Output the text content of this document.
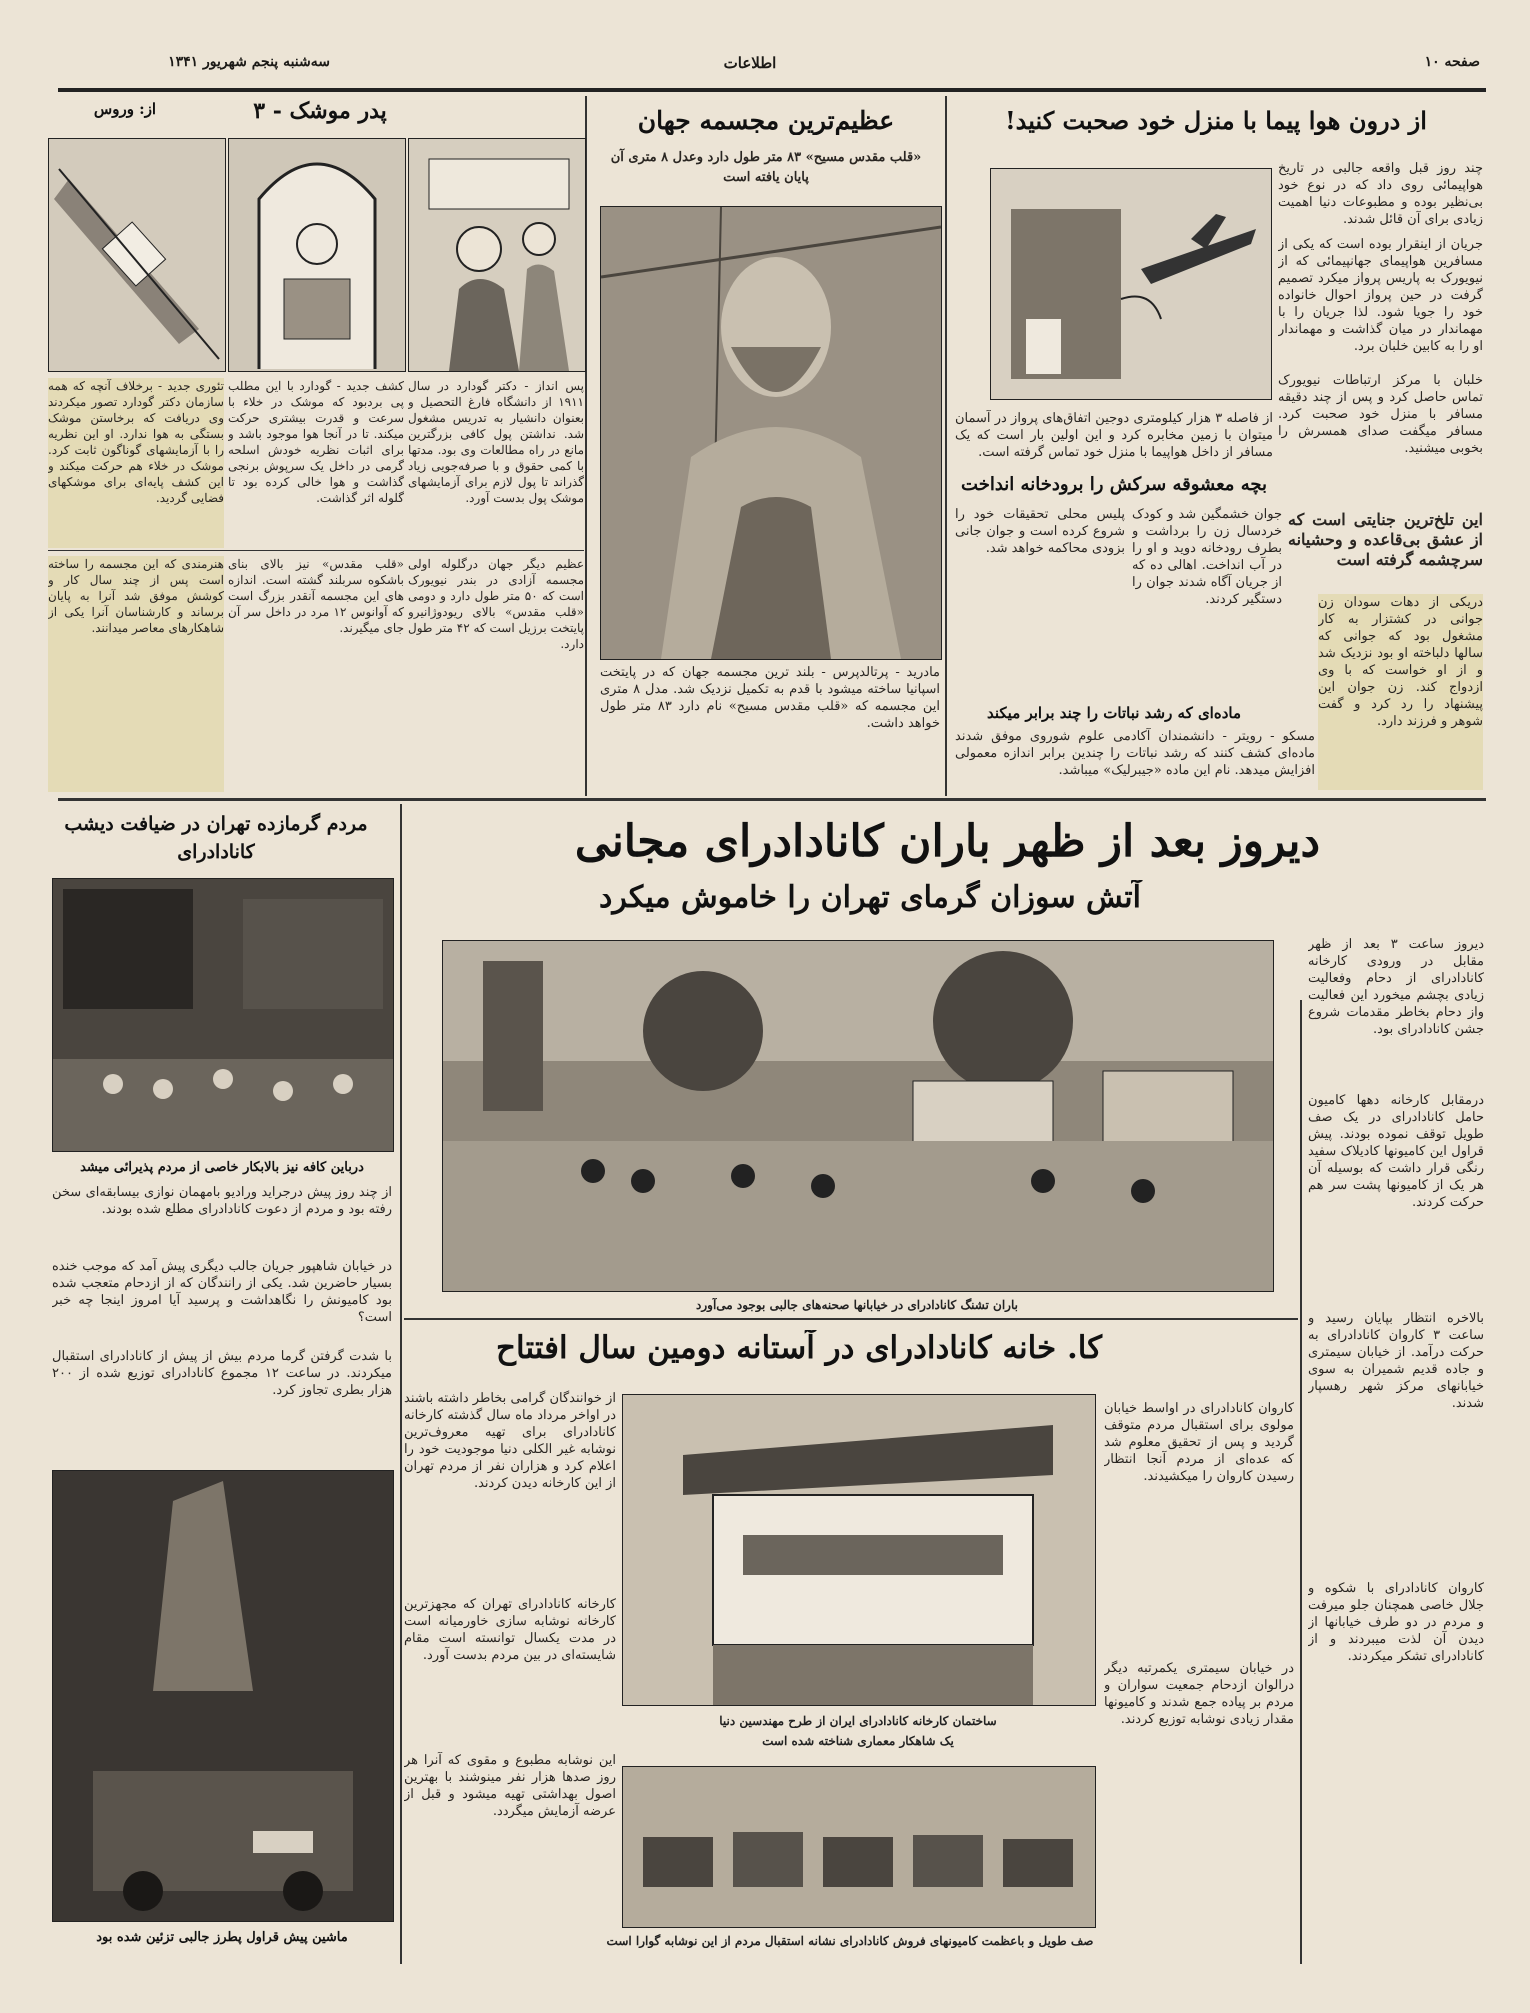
سه‌شنبه پنجم شهریور ۱۳۴۱	اطلاعات	صفحه ۱۰
پدر موشک - ۳
از: وروس
کشف جدید - گودارد با این مطلب پی بردبود که موشک در خلاء با سرعت و قدرت بیشتری حرکت میکند. تا در آنجا هوا موجود باشد و برای اثبات نظریه خودش اسلحه گرمی در داخل یک سرپوش برنجی گذاشت و هوا خالی کرده بود تا گلوله اثر گذاشت.
پس انداز - دکتر گودارد در سال ۱۹۱۱ از دانشگاه فارغ التحصیل و بعنوان دانشیار به تدریس مشغول شد. نداشتن پول کافی بزرگترین مانع در راه مطالعات وی بود. مدتها با کمی حقوق و با صرفه‌جویی زیاد گذراند تا پول لازم برای آزمایشهای موشک پول بدست آورد.
تئوری جدید - برخلاف آنچه که همه سازمان دکتر گودارد تصور میکردند وی دریافت که برخاستن موشک بستگی به هوا ندارد. او این نظریه را با آزمایشهای گوناگون ثابت کرد. موشک در خلاء هم حرکت میکند و این کشف پایه‌ای برای موشکهای فضایی گردید.
عظیم دیگر جهان درگلوله اولی مجسمه آزادی در بندر نیویورک است که ۵۰ متر طول دارد و دومی «قلب مقدس» بالای ریودوژانیرو پایتخت برزیل است که ۴۲ متر طول دارد.
«قلب مقدس» نیز بالای بنای باشکوه سربلند گشته است. اندازه های این مجسمه آنقدر بزرگ است که آوانوس ۱۲ مرد در داخل سر آن جای میگیرند.
هنرمندی که این مجسمه را ساخته است پس از چند سال کار و کوشش موفق شد آنرا به پایان برساند و کارشناسان آنرا یکی از شاهکارهای معاصر میدانند.
عظیم‌ترین مجسمه جهان
«قلب مقدس مسیح» ۸۳ متر طول دارد وعدل ۸ متری آن پایان یافته است
مادرید - پرتالدپرس - بلند ترین مجسمه جهان که در پایتخت اسپانیا ساخته میشود با قدم به تکمیل نزدیک شد. مدل ۸ متری این مجسمه که «قلب مقدس مسیح» نام دارد ۸۳ متر طول خواهد داشت.
از درون هوا پیما با منزل خود صحبت کنید!
چند روز قبل واقعه جالبی در تاریخ هواپیمائی روی داد که در نوع خود بی‌نظیر بوده و مطبوعات دنیا اهمیت زیادی برای آن قائل شدند.
جریان از اینقرار بوده است که یکی از مسافرین هواپیمای جهانپیمائی که از نیویورک به پاریس پرواز میکرد تصمیم گرفت در حین پرواز احوال خانواده خود را جویا شود. لذا جریان را با مهماندار در میان گذاشت و مهماندار او را به کابین خلبان برد.
خلبان با مرکز ارتباطات نیویورک تماس حاصل کرد و پس از چند دقیقه مسافر با منزل خود صحبت کرد. مسافر میگفت صدای همسرش را بخوبی میشنید.
از فاصله ۳ هزار کیلومتری دوجین اتفاق‌های پرواز در آسمان میتوان با زمین مخابره کرد و این اولین بار است که یک مسافر از داخل هواپیما با منزل خود تماس گرفته است.
بچه معشوقه سرکش را برودخانه انداخت
این تلخ‌ترین جنایتی است که از عشق بی‌قاعده و وحشیانه سرچشمه گرفته است
دریکی از دهات سودان زن جوانی در کشتزار به کار مشغول بود که جوانی که سالها دلباخته او بود نزدیک شد و از او خواست که با وی ازدواج کند. زن جوان این پیشنهاد را رد کرد و گفت شوهر و فرزند دارد.
جوان خشمگین شد و کودک خردسال زن را برداشت و بطرف رودخانه دوید و او را در آب انداخت. اهالی ده که از جریان آگاه شدند جوان را دستگیر کردند.
پلیس محلی تحقیقات خود را شروع کرده است و جوان جانی بزودی محاکمه خواهد شد.
ماده‌ای که رشد نباتات را چند برابر میکند
مسکو - رویتر - دانشمندان آکادمی علوم شوروی موفق شدند ماده‌ای کشف کنند که رشد نباتات را چندین برابر اندازه معمولی افزایش میدهد. نام این ماده «جیبرلیک» میباشد.
مردم گرمازده تهران در ضیافت دیشب کانادادرای
درباین کافه نیز بالابکار خاصی از مردم پذیرائی میشد
از چند روز پیش درجراید وراديو بامهمان نوازی بیسابقه‌ای سخن رفته بود و مردم از دعوت کانادادرای مطلع شده بودند.
در خیابان شاهپور جریان جالب دیگری پیش آمد که موجب خنده بسیار حاضرین شد. یکی از رانندگان که از ازدحام متعجب شده بود کامیونش را نگاهداشت و پرسید آیا امروز اینجا چه خبر است؟
با شدت گرفتن گرما مردم بیش از پیش از کانادادرای استقبال میکردند. در ساعت ۱۲ مجموع کانادادرای توزیع شده از ۲۰۰ هزار بطری تجاوز کرد.
ماشین پیش قراول پطرز جالبی تزئین شده بود
دیروز بعد از ظهر باران کانادادرای مجانی
آتش سوزان گرمای تهران را خاموش میکرد
باران تشنگ کانادادرای در خیابانها صحنه‌های جالبی بوجود می‌آورد
دیروز ساعت ۳ بعد از ظهر مقابل در ورودی کارخانه کانادادرای از دحام وفعالیت زیادی بچشم میخورد این فعالیت واز دحام بخاطر مقدمات شروع جشن کانادادرای بود.
درمقابل کارخانه دهها کامیون حامل کانادادرای در یک صف طویل توقف نموده بودند. پیش قراول این کامیونها کادیلاک سفید رنگی قرار داشت که بوسیله آن هر یک از کامیونها پشت سر هم حرکت کردند.
بالاخره انتظار بپایان رسید و ساعت ۳ کاروان کانادادرای به حرکت درآمد. از خیابان سیمتری و جاده قدیم شمیران به سوی خیابانهای مرکز شهر رهسپار شدند.
کاروان کانادادرای با شکوه و جلال خاصی همچنان جلو میرفت و مردم در دو طرف خیابانها از دیدن آن لذت میبردند و از کانادادرای تشکر میکردند.
کا. خانه کانادادرای در آستانه دومین سال افتتاح
از خوانندگان گرامی بخاطر داشته باشند در اواخر مرداد ماه سال گذشته کارخانه کانادادرای برای تهیه معروف‌ترین نوشابه غیر الکلی دنیا موجودیت خود را اعلام کرد و هزاران نفر از مردم تهران از این کارخانه دیدن کردند.
کارخانه کانادادرای تهران که مجهزترین کارخانه نوشابه سازی خاورمیانه است در مدت یکسال توانسته است مقام شایسته‌ای در بین مردم بدست آورد.
این نوشابه مطبوع و مقوی که آنرا هر روز صدها هزار نفر مینوشند با بهترین اصول بهداشتی تهیه میشود و قبل از عرضه آزمایش میگردد.
کاروان کانادادرای در اواسط خیابان مولوی برای استقبال مردم متوقف گردید و پس از تحقیق معلوم شد که عده‌ای از مردم آنجا انتظار رسیدن کاروان را میکشیدند.
در خیابان سیمتری یکمرتبه دیگر درالوان ازدحام جمعیت سواران و مردم بر پیاده جمع شدند و کامیونها مقدار زیادی نوشابه توزیع کردند.
ساختمان کارخانه کانادادرای ایران از طرح مهندسین دنیا
یک شاهکار معماری شناخته شده است
صف طویل و باعظمت کامیونهای فروش کانادادرای نشانه استقبال مردم از این نوشابه گوارا است
